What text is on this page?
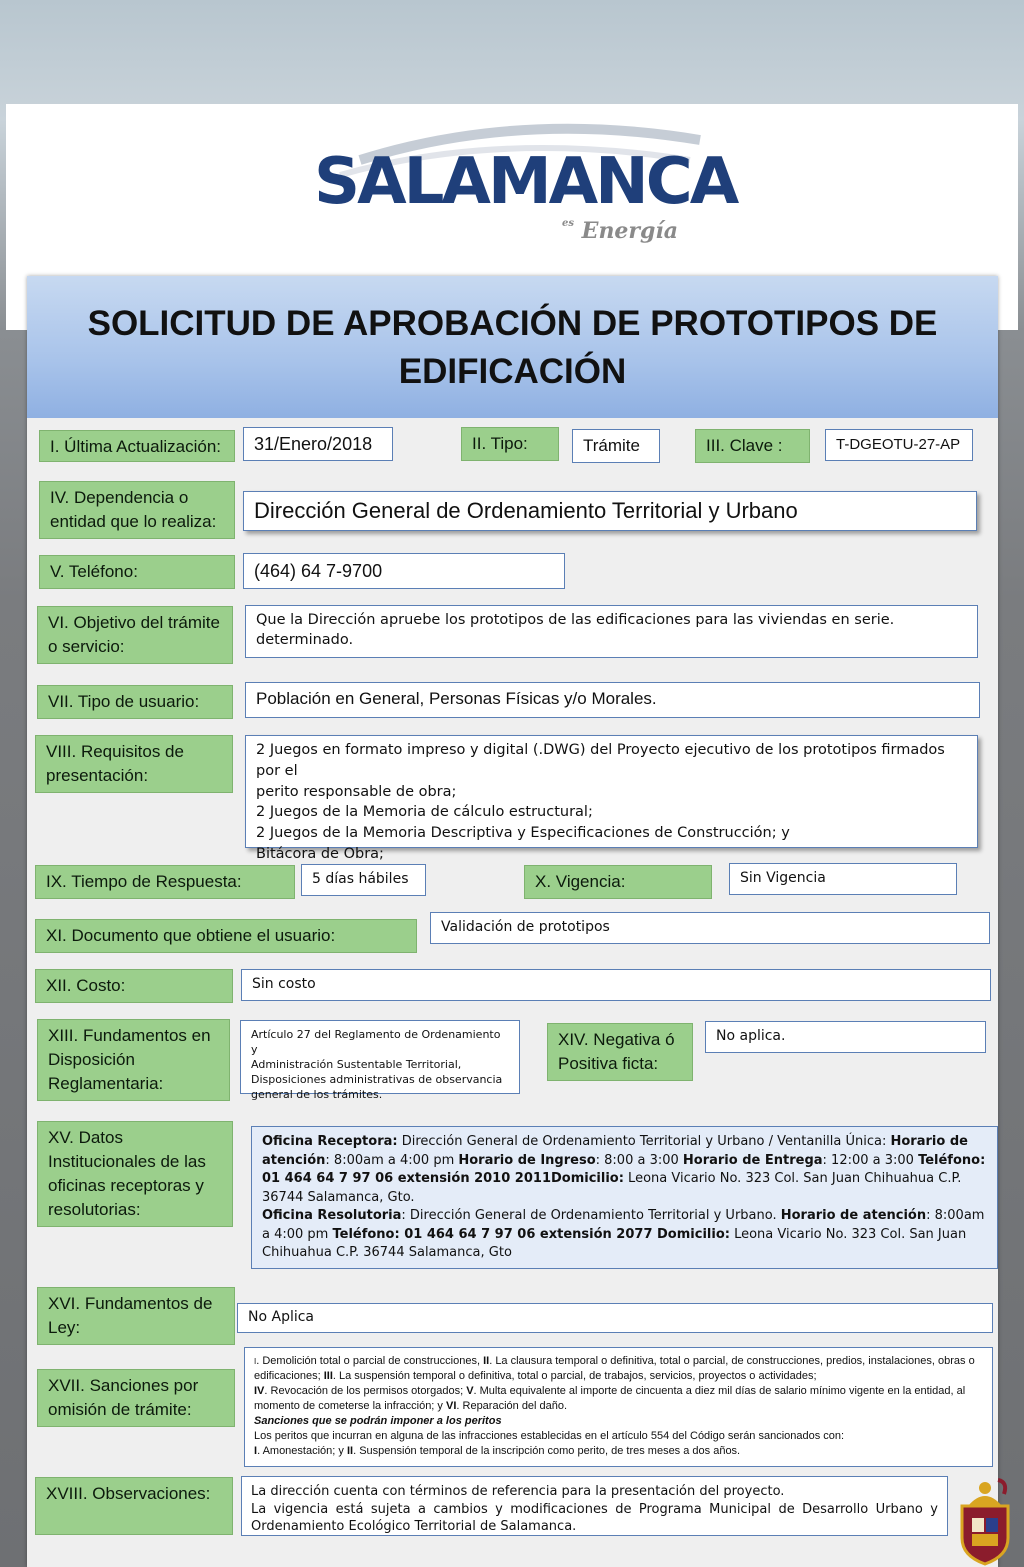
SALAMANCA
$^{es}$ Energía
SOLICITUD DE APROBACIÓN DE PROTOTIPOS DE
EDIFICACIÓN
I. Última Actualización:	31/Enero/2018	II. Tipo:	Trámite	III. Clave :	T-DGEOTU-27-AP
IV. Dependencia o
entidad que lo realiza:	Dirección General de Ordenamiento Territorial y Urbano
V. Teléfono:	(464) 64 7-9700
VI. Objetivo del trámite
o servicio:
Que la Dirección apruebe los prototipos de las edificaciones para las viviendas en serie.
determinado.
VII. Tipo de usuario:	Población en General, Personas Físicas y/o Morales.
VIII. Requisitos de
presentación:
2 Juegos en formato impreso y digital (.DWG) del Proyecto ejecutivo de los prototipos firmados por el
perito responsable de obra;
2 Juegos de la Memoria de cálculo estructural;
2 Juegos de la Memoria Descriptiva y Especificaciones de Construcción; y
Bitácora de Obra;
IX. Tiempo de Respuesta:	5 días hábiles	X. Vigencia:	Sin Vigencia
XI. Documento que obtiene el usuario:	Validación de prototipos
XII. Costo:	Sin costo
XIII. Fundamentos en
Disposición
Reglamentaria:
Artículo 27 del Reglamento de Ordenamiento y
Administración Sustentable Territorial,
Disposiciones administrativas de observancia
general de los trámites.
XIV. Negativa ó
Positiva ficta:
No aplica.
XV. Datos
Institucionales de las
oficinas receptoras y
resolutorias:
Oficina Receptora: Dirección General de Ordenamiento Territorial y Urbano / Ventanilla Única: Horario de atención: 8:00am a 4:00 pm Horario de Ingreso: 8:00 a 3:00 Horario de Entrega: 12:00 a 3:00 Teléfono: 01 464 64 7 97 06 extensión 2010 2011Domicilio: Leona Vicario No. 323 Col. San Juan Chihuahua C.P. 36744 Salamanca, Gto.
Oficina Resolutoria: Dirección General de Ordenamiento Territorial y Urbano. Horario de atención: 8:00am a 4:00 pm Teléfono: 01 464 64 7 97 06 extensión 2077 Domicilio: Leona Vicario No. 323 Col. San Juan Chihuahua C.P. 36744 Salamanca, Gto
XVI. Fundamentos de
Ley:
No Aplica
XVII. Sanciones por
omisión de trámite:
I. Demolición total o parcial de construcciones, II. La clausura temporal o definitiva, total o parcial, de construcciones, predios, instalaciones, obras o edificaciones; III. La suspensión temporal o definitiva, total o parcial, de trabajos, servicios, proyectos o actividades;
IV. Revocación de los permisos otorgados; V. Multa equivalente al importe de cincuenta a diez mil días de salario mínimo vigente en la entidad, al momento de cometerse la infracción; y VI. Reparación del daño.
Sanciones que se podrán imponer a los peritos
Los peritos que incurran en alguna de las infracciones establecidas en el artículo 554 del Código serán sancionados con:
I. Amonestación; y II. Suspensión temporal de la inscripción como perito, de tres meses a dos años.
XVIII. Observaciones:	La dirección cuenta con términos de referencia para la presentación del proyecto.
La vigencia está sujeta a cambios y modificaciones de Programa Municipal de Desarrollo Urbano y Ordenamiento Ecológico Territorial de Salamanca.
